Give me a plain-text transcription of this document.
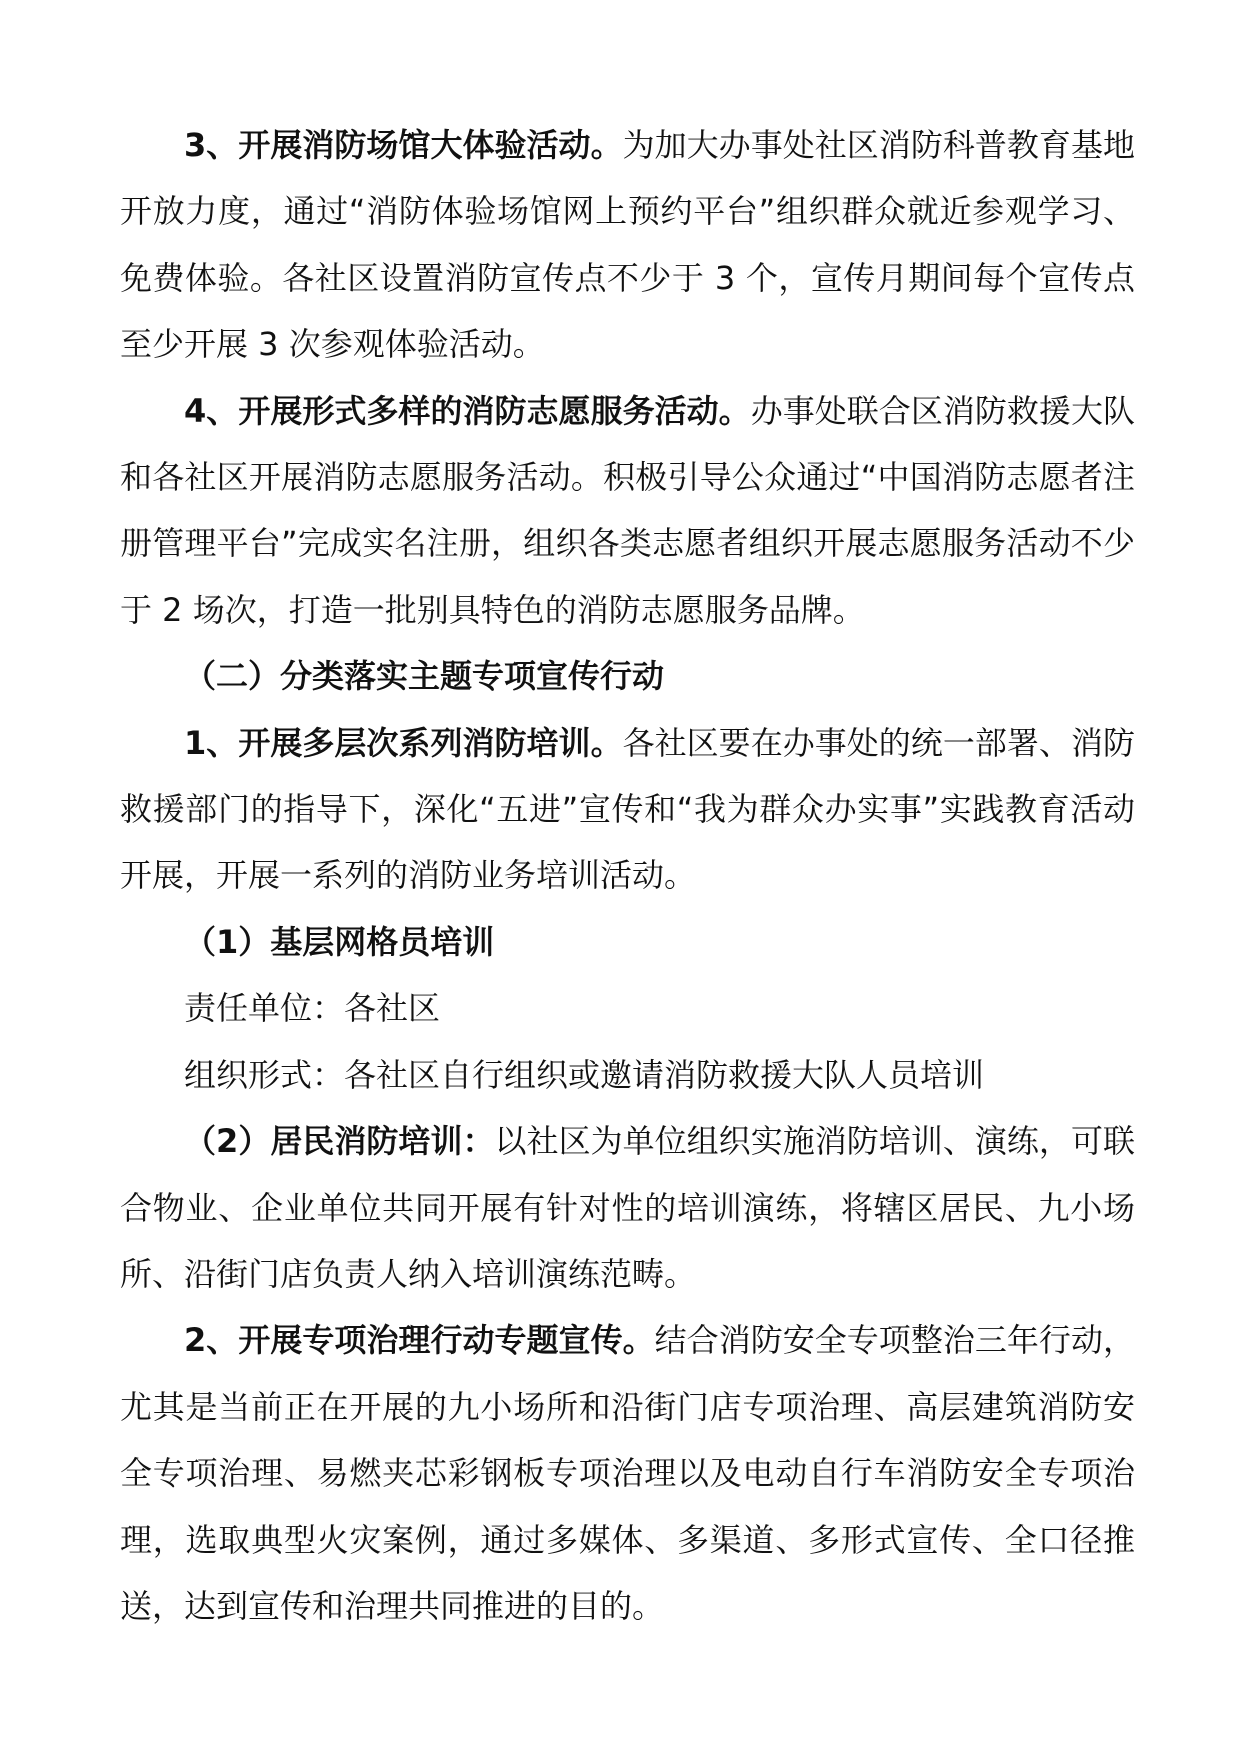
3、开展消防场馆大体验活动。为加大办事处社区消防科普教育基地开放力度，通过“消防体验场馆网上预约平台”组织群众就近参观学习、免费体验。各社区设置消防宣传点不少于 3 个，宣传月期间每个宣传点至少开展 3 次参观体验活动。

4、开展形式多样的消防志愿服务活动。办事处联合区消防救援大队和各社区开展消防志愿服务活动。积极引导公众通过“中国消防志愿者注册管理平台”完成实名注册，组织各类志愿者组织开展志愿服务活动不少于 2 场次，打造一批别具特色的消防志愿服务品牌。

（二）分类落实主题专项宣传行动

1、开展多层次系列消防培训。各社区要在办事处的统一部署、消防救援部门的指导下，深化“五进”宣传和“我为群众办实事”实践教育活动开展，开展一系列的消防业务培训活动。

（1）基层网格员培训

责任单位：各社区

组织形式：各社区自行组织或邀请消防救援大队人员培训

（2）居民消防培训：以社区为单位组织实施消防培训、演练，可联合物业、企业单位共同开展有针对性的培训演练，将辖区居民、九小场所、沿街门店负责人纳入培训演练范畴。

2、开展专项治理行动专题宣传。结合消防安全专项整治三年行动，尤其是当前正在开展的九小场所和沿街门店专项治理、高层建筑消防安全专项治理、易燃夹芯彩钢板专项治理以及电动自行车消防安全专项治理，选取典型火灾案例，通过多媒体、多渠道、多形式宣传、全口径推送，达到宣传和治理共同推进的目的。
